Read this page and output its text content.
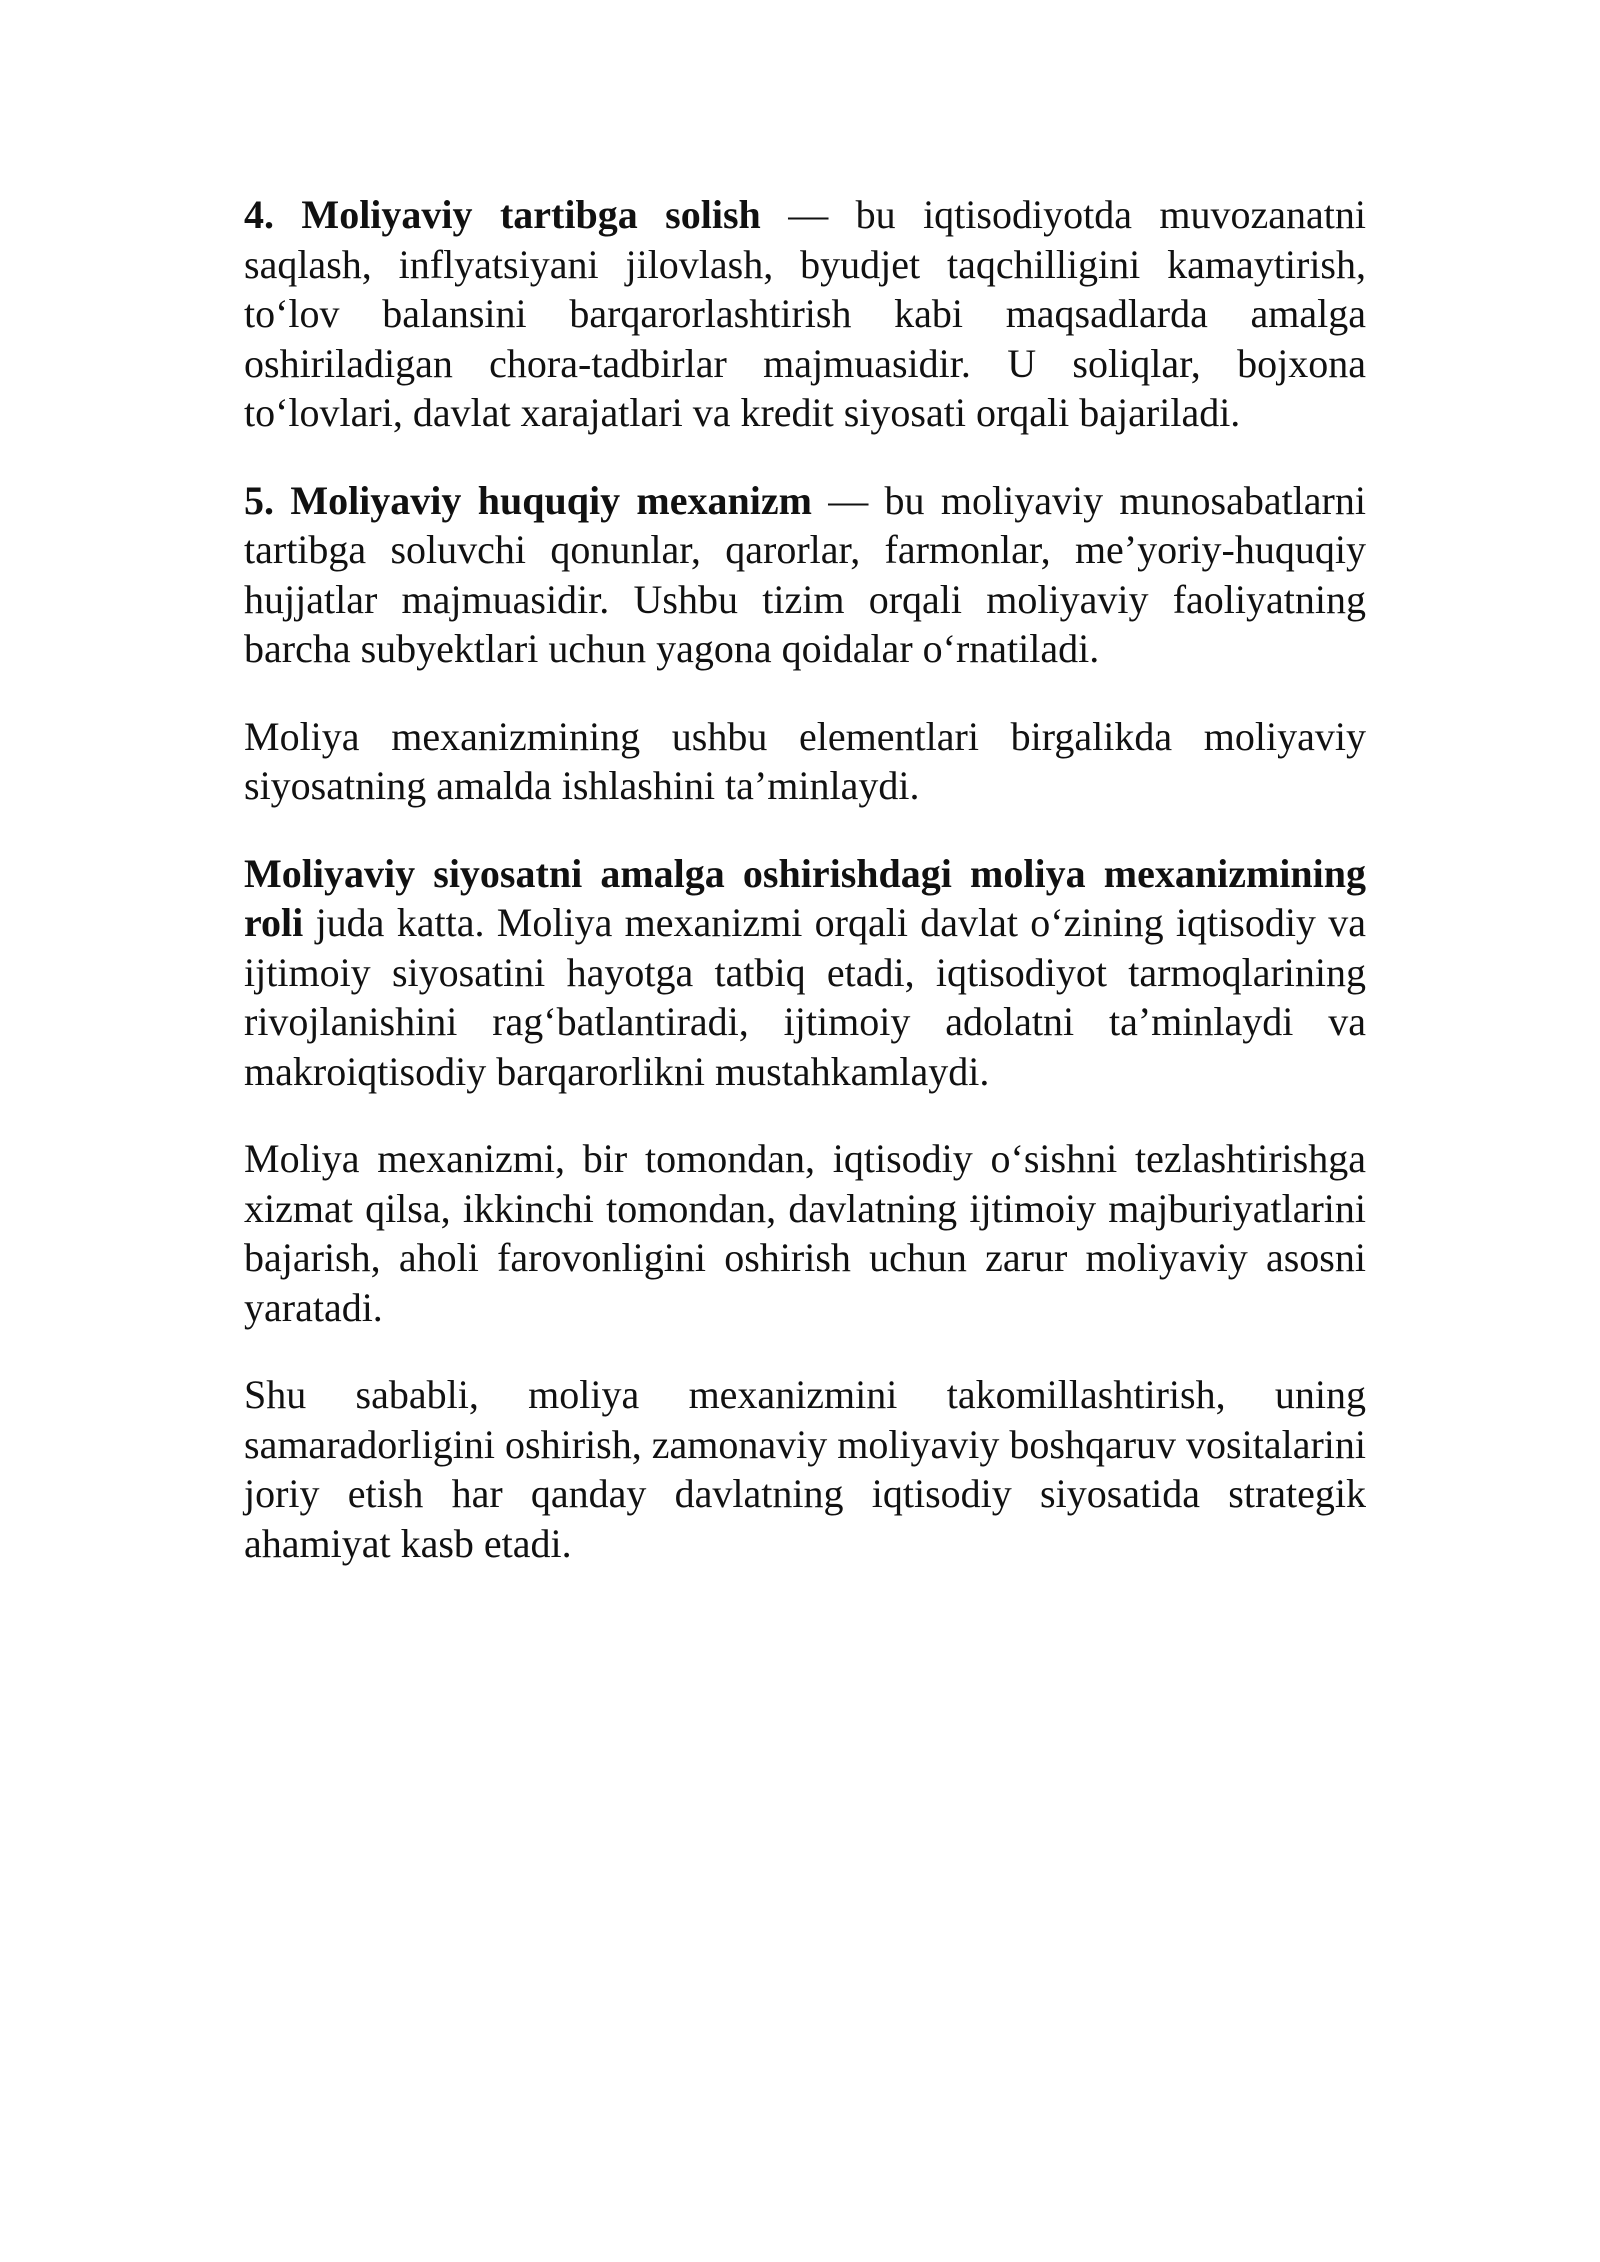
4. Moliyaviy tartibga solish — bu iqtisodiyotda muvozanatni saqlash, inflyatsiyani jilovlash, byudjet taqchilligini kamaytirish, to‘lov balansini barqarorlashtirish kabi maqsadlarda amalga oshiriladigan chora-tadbirlar majmuasidir. U soliqlar, bojxona to‘lovlari, davlat xarajatlari va kredit siyosati orqali bajariladi.

5. Moliyaviy huquqiy mexanizm — bu moliyaviy munosabatlarni tartibga soluvchi qonunlar, qarorlar, farmonlar, me’yoriy-huquqiy hujjatlar majmuasidir. Ushbu tizim orqali moliyaviy faoliyatning barcha subyektlari uchun yagona qoidalar o‘rnatiladi.

Moliya mexanizmining ushbu elementlari birgalikda moliyaviy siyosatning amalda ishlashini ta’minlaydi.

Moliyaviy siyosatni amalga oshirishdagi moliya mexanizmining roli juda katta. Moliya mexanizmi orqali davlat o‘zining iqtisodiy va ijtimoiy siyosatini hayotga tatbiq etadi, iqtisodiyot tarmoqlarining rivojlanishini rag‘batlantiradi, ijtimoiy adolatni ta’minlaydi va makroiqtisodiy barqarorlikni mustahkamlaydi.

Moliya mexanizmi, bir tomondan, iqtisodiy o‘sishni tezlashtirishga xizmat qilsa, ikkinchi tomondan, davlatning ijtimoiy majburiyatlarini bajarish, aholi farovonligini oshirish uchun zarur moliyaviy asosni yaratadi.

Shu sababli, moliya mexanizmini takomillashtirish, uning samaradorligini oshirish, zamonaviy moliyaviy boshqaruv vositalarini joriy etish har qanday davlatning iqtisodiy siyosatida strategik ahamiyat kasb etadi.
